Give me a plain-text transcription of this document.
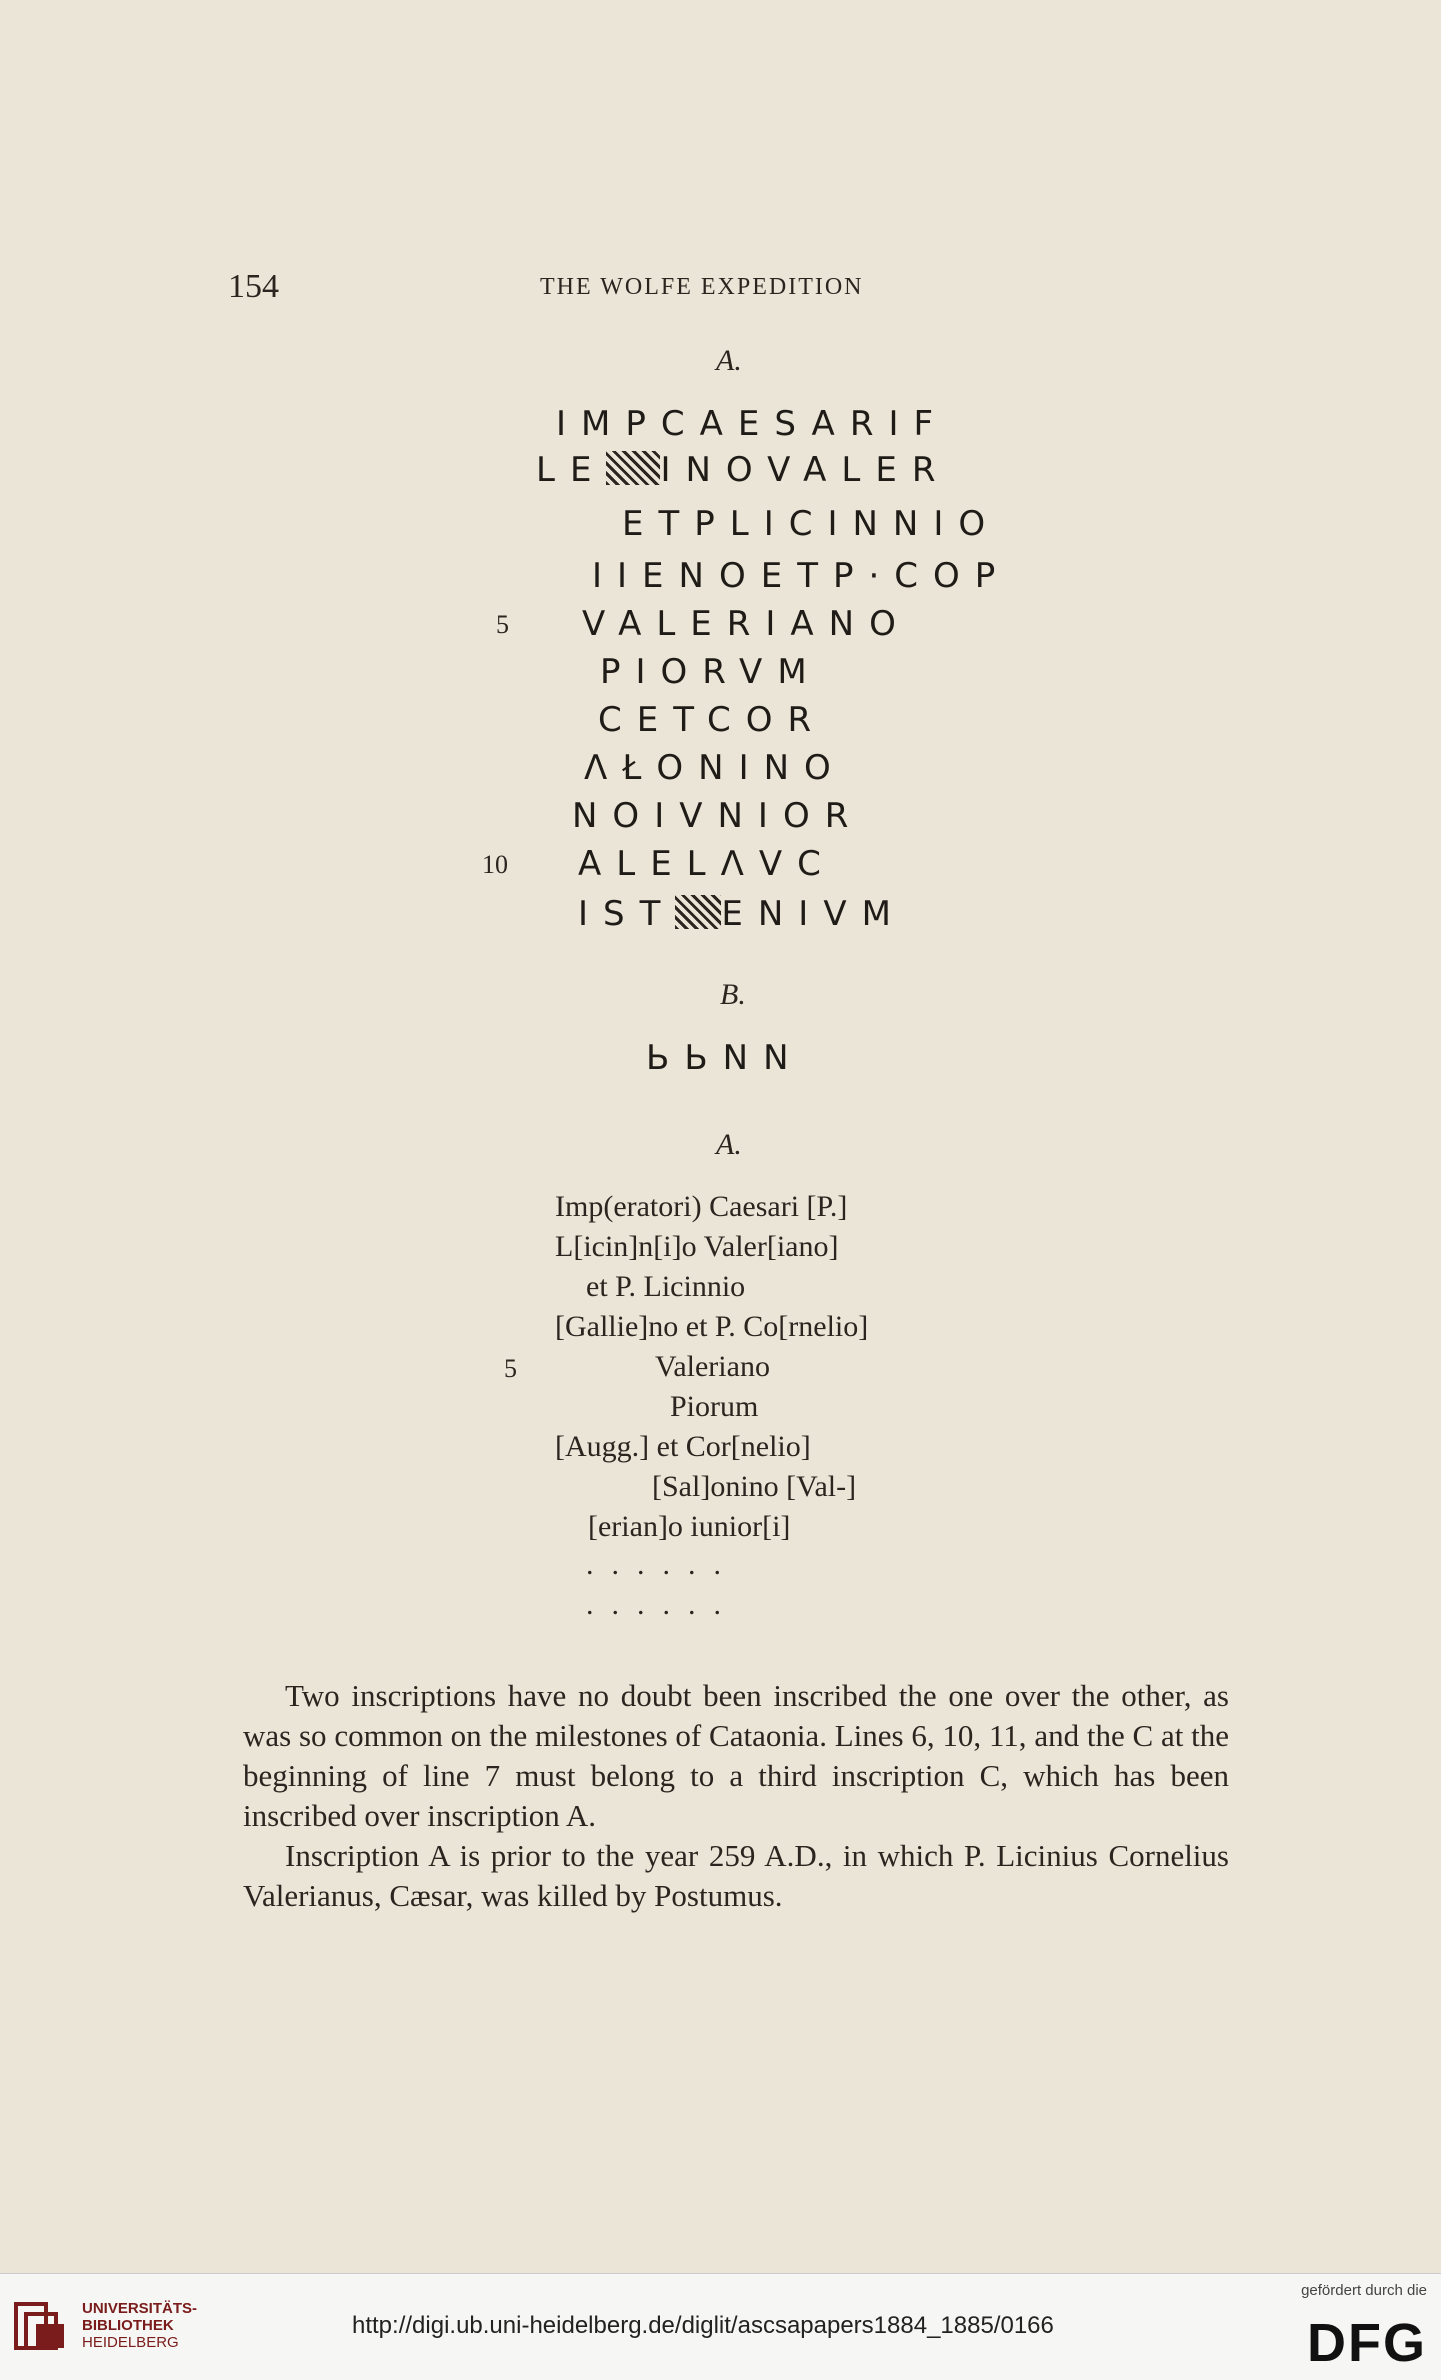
154	THE WOLFE EXPEDITION
A.
IMPCAESARIF
LE INOVALER
ETPLICINNIO
IIENOETP·COP
5 VALERIANO
PIORVM
CETCOR
ΛŁONINO
NOIVNIOR
10 ALELΛVC
IST ENIVM
B.
ЬЬNN
A.
Imp(eratori) Caesari [P.]
L[icin]n[i]o Valer[iano]
et P. Licinnio
[Gallie]no et P. Co[rnelio]
5	Valeriano
Piorum
[Augg.] et Cor[nelio]
[Sal]onino [Val-]
[erian]o iunior[i]
......
......

Two inscriptions have no doubt been inscribed the one over the other, as was so common on the milestones of Cataonia. Lines 6, 10, 11, and the C at the beginning of line 7 must belong to a third inscription C, which has been inscribed over inscription A.

Inscription A is prior to the year 259 A.D., in which P. Licinius Cornelius Valerianus, Cæsar, was killed by Postumus.

UNIVERSITÄTS-
BIBLIOTHEK
HEIDELBERG
http://digi.ub.uni-heidelberg.de/diglit/ascsapapers1884_1885/0166
gefördert durch die
DFG
